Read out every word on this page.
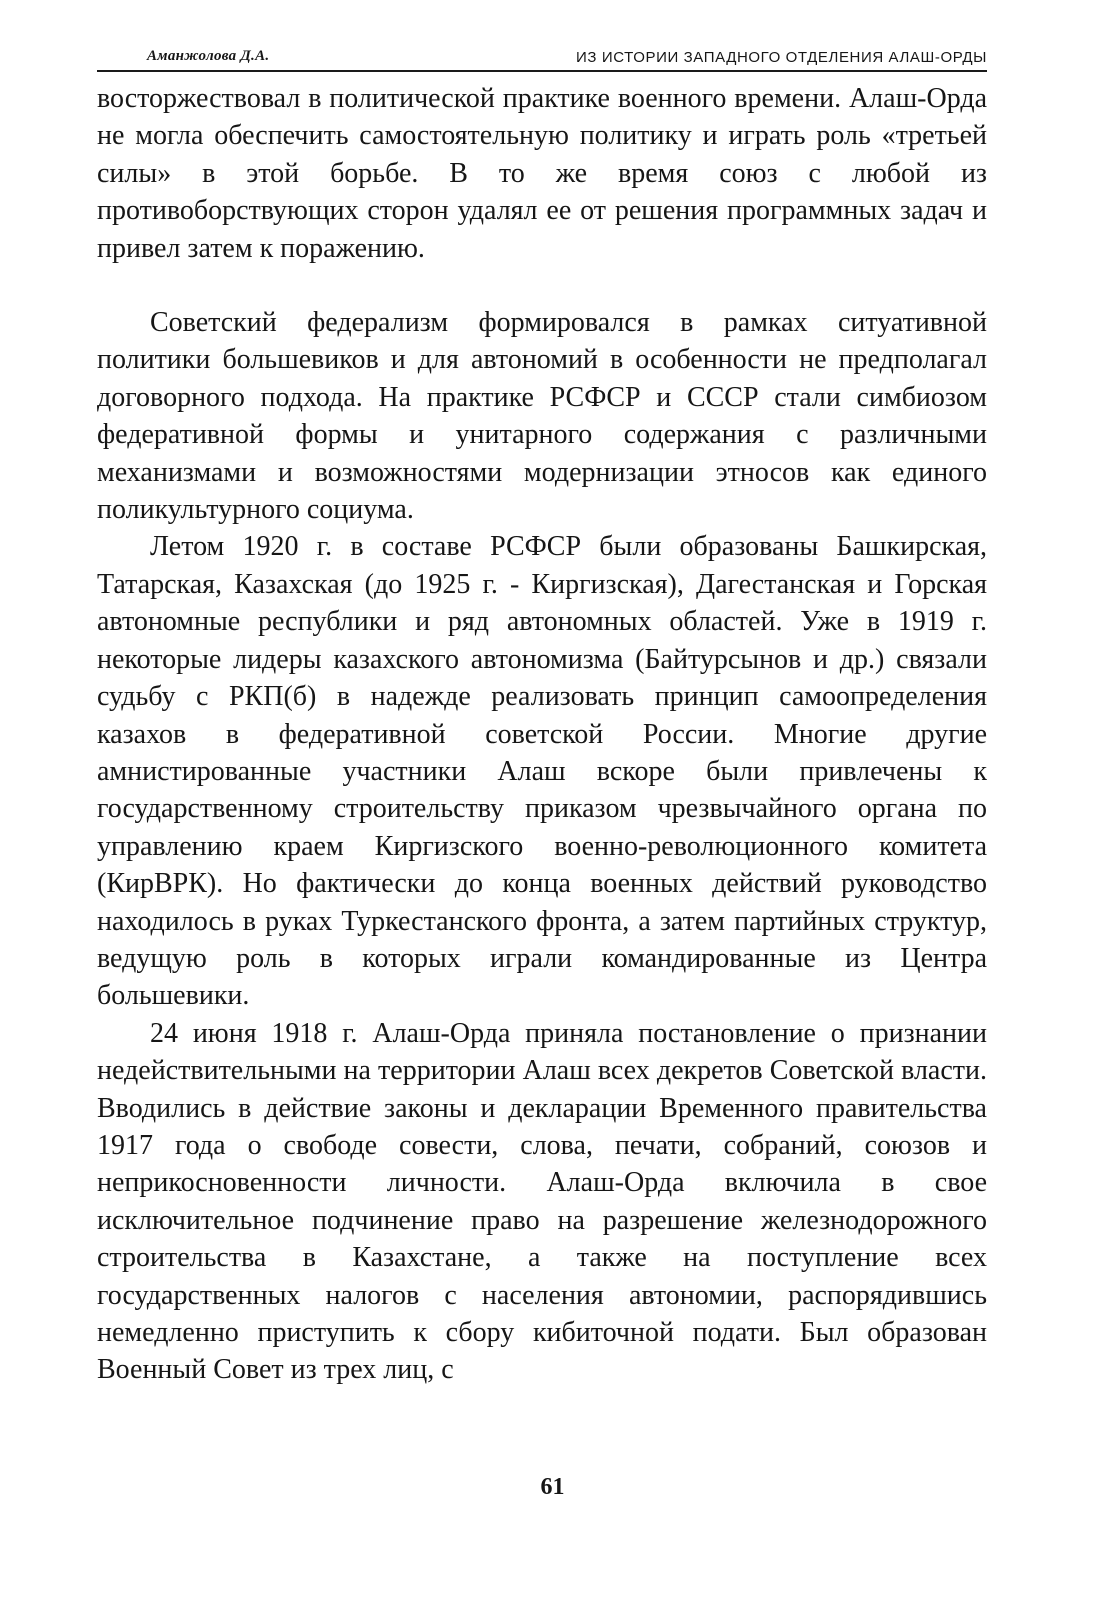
Аманжолова Д.А.	ИЗ ИСТОРИИ ЗАПАДНОГО ОТДЕЛЕНИЯ АЛАШ-ОРДЫ

восторжествовал в политической практике военного времени. Алаш-Орда не могла обеспечить самостоятельную политику и играть роль «третьей силы» в этой борьбе. В то же время союз с любой из противоборствующих сторон удалял ее от решения программных задач и привел затем к поражению.

Советский федерализм формировался в рамках ситуативной политики большевиков и для автономий в особенности не предполагал договорного подхода. На практике РСФСР и СССР стали симбиозом федеративной формы и унитарного содержания с различными механизмами и возможностями модернизации этносов как единого поликультурного социума.

Летом 1920 г. в составе РСФСР были образованы Башкирская, Татарская, Казахская (до 1925 г. - Киргизская), Дагестанская и Горская автономные республики и ряд автономных областей. Уже в 1919 г. некоторые лидеры казахского автономизма (Байтурсынов и др.) связали судьбу с РКП(б) в надежде реализовать принцип самоопределения казахов в федеративной советской России. Многие другие амнистированные участники Алаш вскоре были привлечены к государственному строительству приказом чрезвычайного органа по управлению краем Киргизского военно-революционного комитета (КирВРК). Но фактически до конца военных действий руководство находилось в руках Туркестанского фронта, а затем партийных структур, ведущую роль в которых играли командированные из Центра большевики.

24 июня 1918 г. Алаш-Орда приняла постановление о признании недействительными на территории Алаш всех декретов Советской власти. Вводились в действие законы и декларации Временного правительства 1917 года о свободе совести, слова, печати, собраний, союзов и неприкосновенности личности. Алаш-Орда включила в свое исключительное подчинение право на разрешение железнодорожного строительства в Казахстане, а также на поступление всех государственных налогов с населения автономии, распорядившись немедленно приступить к сбору кибиточной подати. Был образован Военный Совет из трех лиц, с

61
